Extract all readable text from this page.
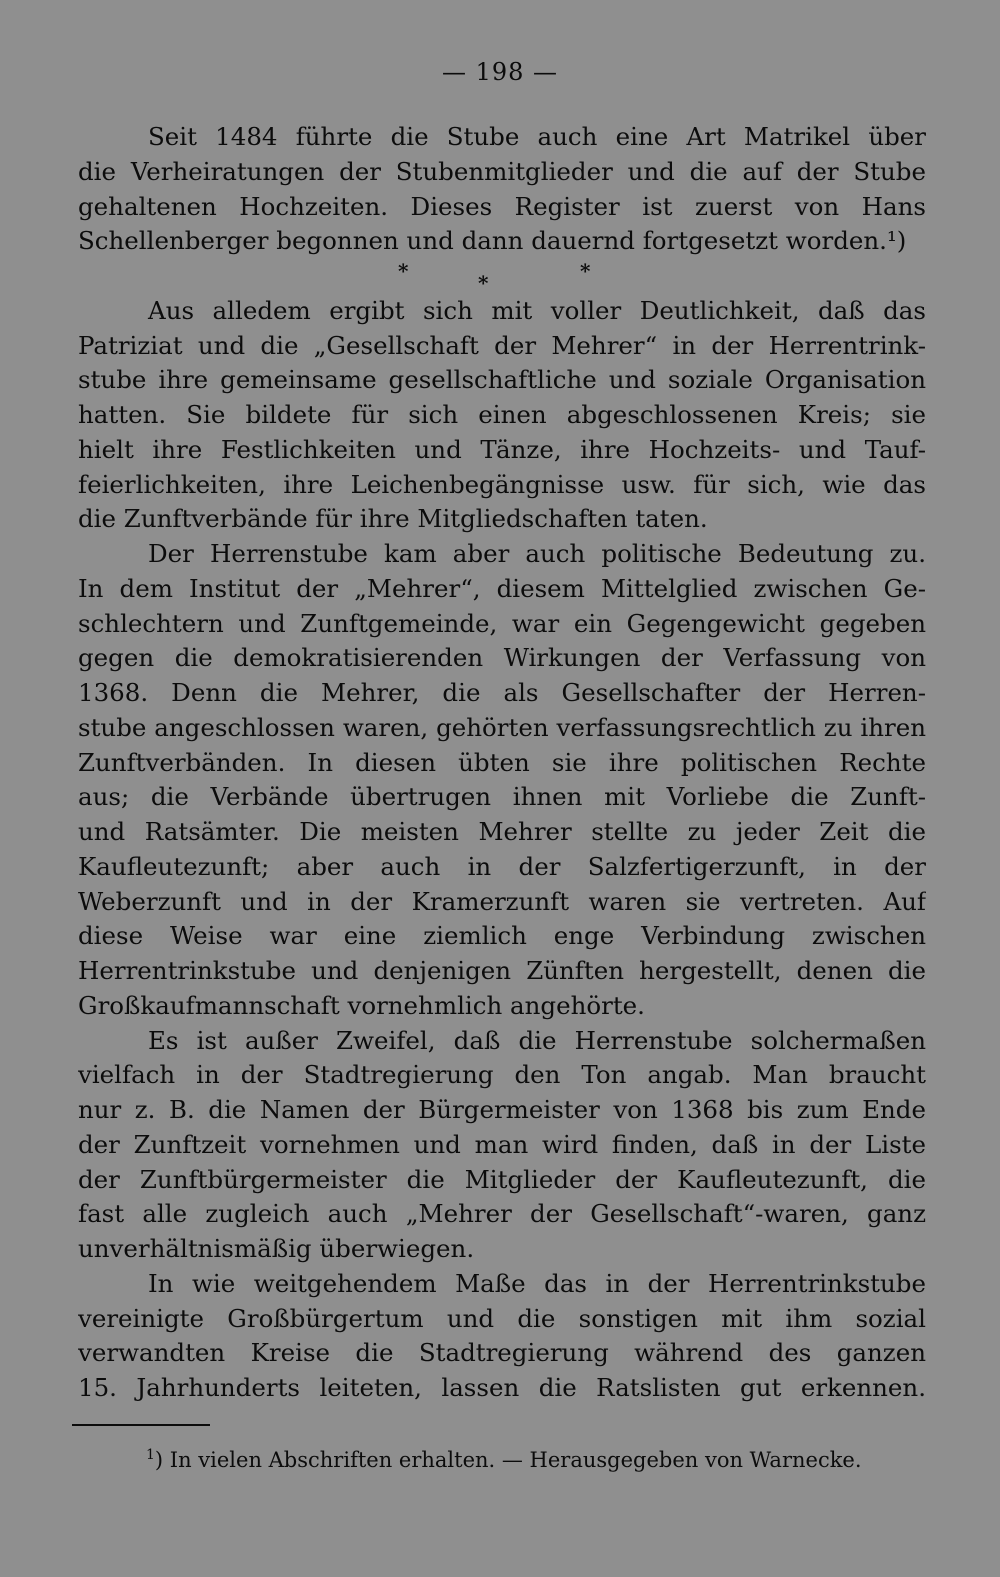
— 198 —
Seit 1484 führte die Stube auch eine Art Matrikel über
die Verheiratungen der Stubenmitglieder und die auf der Stube
gehaltenen Hochzeiten. Dieses Register ist zuerst von Hans
Schellenberger begonnen und dann dauernd fortgesetzt worden.¹)
*	*	*
Aus alledem ergibt sich mit voller Deutlichkeit, daß das
Patriziat und die „Gesellschaft der Mehrer“ in der Herrentrink-
stube ihre gemeinsame gesellschaftliche und soziale Organisation
hatten. Sie bildete für sich einen abgeschlossenen Kreis; sie
hielt ihre Festlichkeiten und Tänze, ihre Hochzeits- und Tauf-
feierlichkeiten, ihre Leichenbegängnisse usw. für sich, wie das
die Zunftverbände für ihre Mitgliedschaften taten.
Der Herrenstube kam aber auch politische Bedeutung zu.
In dem Institut der „Mehrer“, diesem Mittelglied zwischen Ge-
schlechtern und Zunftgemeinde, war ein Gegengewicht gegeben
gegen die demokratisierenden Wirkungen der Verfassung von
1368. Denn die Mehrer, die als Gesellschafter der Herren-
stube angeschlossen waren, gehörten verfassungsrechtlich zu ihren
Zunftverbänden. In diesen übten sie ihre politischen Rechte
aus; die Verbände übertrugen ihnen mit Vorliebe die Zunft-
und Ratsämter. Die meisten Mehrer stellte zu jeder Zeit die
Kaufleutezunft; aber auch in der Salzfertigerzunft, in der
Weberzunft und in der Kramerzunft waren sie vertreten. Auf
diese Weise war eine ziemlich enge Verbindung zwischen
Herrentrinkstube und denjenigen Zünften hergestellt, denen die
Großkaufmannschaft vornehmlich angehörte.
Es ist außer Zweifel, daß die Herrenstube solchermaßen
vielfach in der Stadtregierung den Ton angab. Man braucht
nur z. B. die Namen der Bürgermeister von 1368 bis zum Ende
der Zunftzeit vornehmen und man wird finden, daß in der Liste
der Zunftbürgermeister die Mitglieder der Kaufleutezunft, die
fast alle zugleich auch „Mehrer der Gesellschaft“-waren, ganz
unverhältnismäßig überwiegen.
In wie weitgehendem Maße das in der Herrentrinkstube
vereinigte Großbürgertum und die sonstigen mit ihm sozial
verwandten Kreise die Stadtregierung während des ganzen
15. Jahrhunderts leiteten, lassen die Ratslisten gut erkennen.
$^1$) In vielen Abschriften erhalten. — Herausgegeben von Warnecke.
